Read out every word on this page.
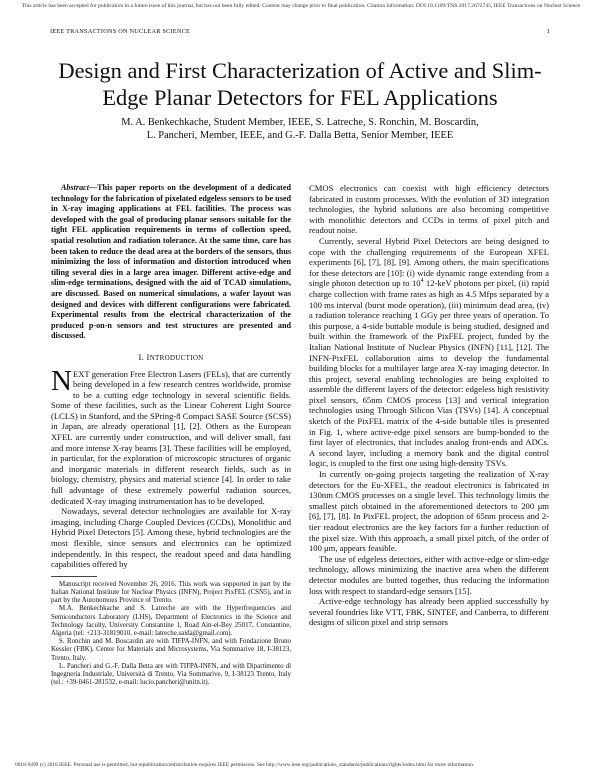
This article has been accepted for publication in a future issue of this journal, but has not been fully edited. Content may change prior to final publication. Citation information: DOI 10.1109/TNS.2017.2672745, IEEE Transactions on Nuclear Science
IEEE TRANSACTIONS ON NUCLEAR SCIENCE	1
Design and First Characterization of Active and Slim-Edge Planar Detectors for FEL Applications
M. A. Benkechkache, Student Member, IEEE, S. Latreche, S. Ronchin, M. Boscardin,
L. Pancheri, Member, IEEE, and G.-F. Dalla Betta, Senior Member, IEEE

Abstract—This paper reports on the development of a dedicated technology for the fabrication of pixelated edgeless sensors to be used in X-ray imaging applications at FEL facilities. The process was developed with the goal of producing planar sensors suitable for the tight FEL application requirements in terms of collection speed, spatial resolution and radiation tolerance. At the same time, care has been taken to reduce the dead area at the borders of the sensors, thus minimizing the loss of information and distortion introduced when tiling several dies in a large area imager. Different active-edge and slim-edge terminations, designed with the aid of TCAD simulations, are discussed. Based on numerical simulations, a wafer layout was designed and devices with different configurations were fabricated. Experimental results from the electrical characterization of the produced p-on-n sensors and test structures are presented and discussed.

I. INTRODUCTION

NEXT generation Free Electron Lasers (FELs), that are currently being developed in a few research centres worldwide, promise to be a cutting edge technology in several scientific fields. Some of these facilities, such as the Linear Coherent Light Source (LCLS) in Stanford, and the SPring-8 Compact SASE Source (SCSS) in Japan, are already operational [1], [2]. Others as the European XFEL are currently under construction, and will deliver small, fast and more intense X-ray beams [3]. These facilities will be employed, in particular, for the exploration of microscopic structures of organic and inorganic materials in different research fields, such as in biology, chemistry, physics and material science [4]. In order to take full advantage of these extremely powerful radiation sources, dedicated X-ray imaging instrumentation has to be developed.

Nowadays, several detector technologies are available for X-ray imaging, including Charge Coupled Devices (CCDs), Monolithic and Hybrid Pixel Detectors [5]. Among these, hybrid technologies are the most flexible, since sensors and electronics can be optimized independently. In this respect, the readout speed and data handling capabilities offered by

Manuscript received November 26, 2016. This work was supported in part by the Italian National Institute for Nuclear Physics (INFN), Project PixFEL (CSN5), and in part by the Autonomous Province of Trento.

M.A. Benkechkache and S. Latreche are with the Hyperfrequencies and Semiconductors Laboratory (LHS), Department of Electronics in the Science and Technology faculty, University Constantine 1, Road Ain-el-Bey 25017, Constantine, Algeria (tel: +213-31819010, e-mail: latreche.saida@gmail.com).

S. Ronchin and M. Boscardin are with TIFPA-INFN, and with Fondazione Bruno Kessler (FBK), Center for Materials and Microsystems, Via Sommarive 18, I-38123, Trento, Italy.

L. Pancheri and G.-F. Dalla Betta are with TIFPA-INFN, and with Dipartimento di Ingegneria Industriale, Università di Trento, Via Sommarive, 9, I-38123 Trento, Italy (tel.: +39-0461-281532, e-mail: lucio.pancheri@unitn.it).

CMOS electronics can coexist with high efficiency detectors fabricated in custom processes. With the evolution of 3D integration technologies, the hybrid solutions are also becoming competitive with monolithic detectors and CCDs in terms of pixel pitch and readout noise.

Currently, several Hybrid Pixel Detectors are being designed to cope with the challenging requirements of the European XFEL experiments [6], [7], [8], [9]. Among others, the main specifications for these detectors are [10]: (i) wide dynamic range extending from a single photon detection up to $10^4$ 12-keV photons per pixel, (ii) rapid charge collection with frame rates as high as 4.5 Mfps separated by a 100 ms interval (burst mode operation), (iii) minimum dead area, (iv) a radiation tolerance reaching 1 GGy per three years of operation. To this purpose, a 4-side buttable module is being studied, designed and built within the framework of the PixFEL project, funded by the Italian National Institute of Nuclear Physics (INFN) [11], [12]. The INFN-PixFEL collaboration aims to develop the fundamental building blocks for a multilayer large area X-ray imaging detector. In this project, several enabling technologies are being exploited to assemble the different layers of the detector: edgeless high resistivity pixel sensors, 65nm CMOS process [13] and vertical integration technologies using Through Silicon Vias (TSVs) [14]. A conceptual sketch of the PixFEL matrix of the 4-side buttable tiles is presented in Fig. 1, where active-edge pixel sensors are bump-bonded to the first layer of electronics, that includes analog front-ends and ADCs. A second layer, including a memory bank and the digital control logic, is coupled to the first one using high-density TSVs.

In currently on-going projects targeting the realization of X-ray detectors for the Eu-XFEL, the readout electronics is fabricated in 130nm CMOS processes on a single level. This technology limits the smallest pitch obtained in the aforementioned detectors to 200 μm [6], [7], [8]. In PixFEL project, the adoption of 65nm process and 2-tier readout electronics are the key factors for a further reduction of the pixel size. With this approach, a small pixel pitch, of the order of 100 μm, appears feasible.

The use of edgeless detectors, either with active-edge or slim-edge technology, allows minimizing the inactive area when the different detector modules are butted together, thus reducing the information loss with respect to standard-edge sensors [15].

Active-edge technology has already been applied successfully by several foundries like VTT, FBK, SINTEF, and Canberra, to different designs of silicon pixel and strip sensors

0018-9499 (c) 2016 IEEE. Personal use is permitted, but republication/redistribution requires IEEE permission. See http://www.ieee.org/publications_standards/publications/rights/index.html for more information.
